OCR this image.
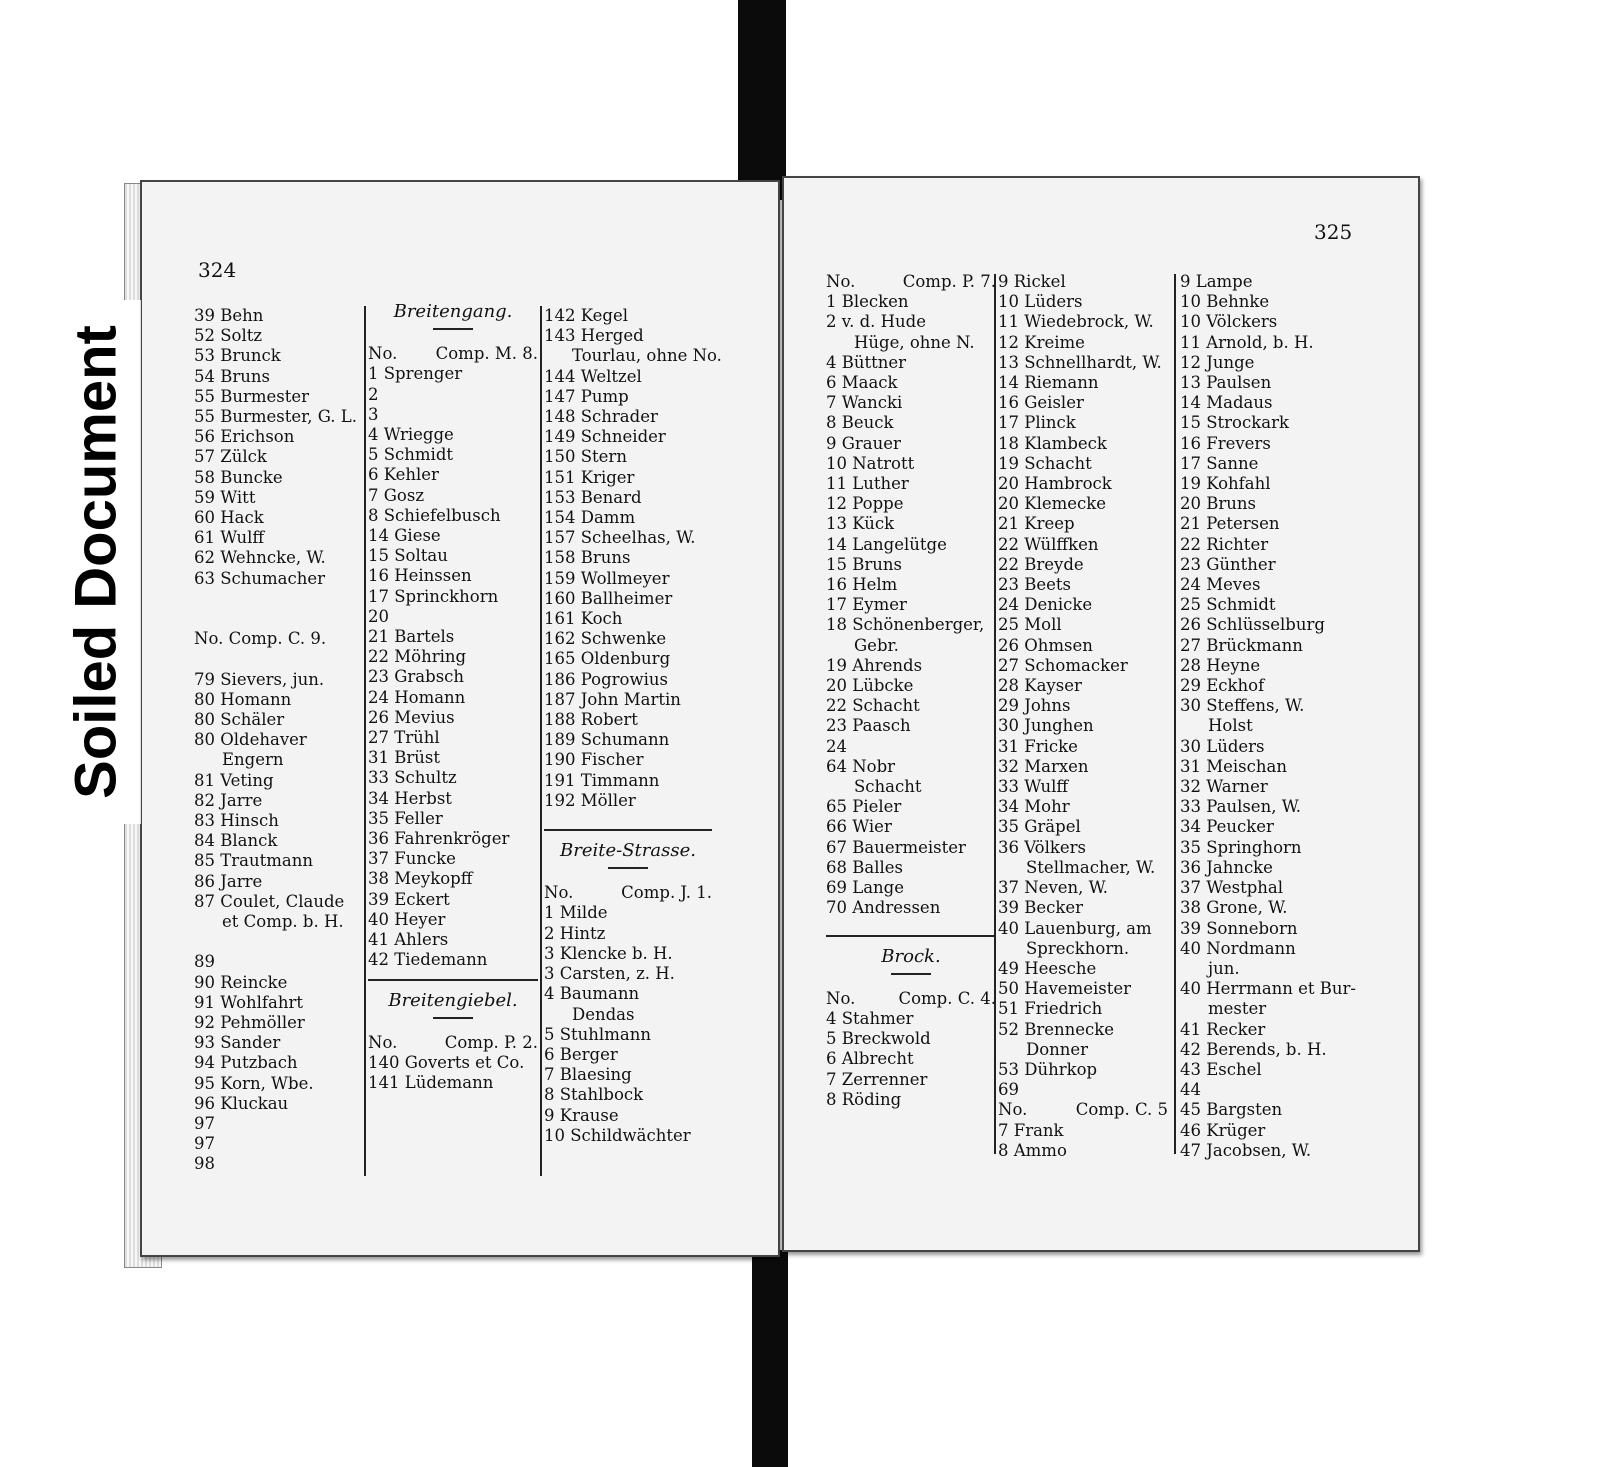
324
39 Behn
52 Soltz
53 Brunck
54 Bruns
55 Burmester
55 Burmester, G. L.
56 Erichson
57 Zülck
58 Buncke
59 Witt
60 Hack
61 Wulff
62 Wehncke, W.
63 Schumacher
No. Comp. C. 9.
79 Sievers, jun.
80 Homann
80 Schäler
80 Oldehaver
Engern
81 Veting
82 Jarre
83 Hinsch
84 Blanck
85 Trautmann
86 Jarre
87 Coulet, Claude
et Comp. b. H.
89
90 Reincke
91 Wohlfahrt
92 Pehmöller
93 Sander
94 Putzbach
95 Korn, Wbe.
96 Kluckau
97
97
98
Breitengang.
No. Comp. M. 8.
1 Sprenger
2
3
4 Wriegge
5 Schmidt
6 Kehler
7 Gosz
8 Schiefelbusch
14 Giese
15 Soltau
16 Heinssen
17 Sprinckhorn
20
21 Bartels
22 Möhring
23 Grabsch
24 Homann
26 Mevius
27 Trühl
31 Brüst
33 Schultz
34 Herbst
35 Feller
36 Fahrenkröger
37 Funcke
38 Meykopff
39 Eckert
40 Heyer
41 Ahlers
42 Tiedemann
Breitengiebel.
No.	Comp. P. 2.
140 Goverts et Co.
141 Lüdemann
142 Kegel
143 Herged
Tourlau, ohne No.
144 Weltzel
147 Pump
148 Schrader
149 Schneider
150 Stern
151 Kriger
153 Benard
154 Damm
157 Scheelhas, W.
158 Bruns
159 Wollmeyer
160 Ballheimer
161 Koch
162 Schwenke
165 Oldenburg
186 Pogrowius
187 John Martin
188 Robert
189 Schumann
190 Fischer
191 Timmann
192 Möller
Breite-Strasse.
No.	Comp. J. 1.
1 Milde
2 Hintz
3 Klencke b. H.
3 Carsten, z. H.
4 Baumann
Dendas
5 Stuhlmann
6 Berger
7 Blaesing
8 Stahlbock
9 Krause
10 Schildwächter
325
No.	Comp. P. 7.
1 Blecken
2 v. d. Hude
Hüge, ohne N.
4 Büttner
6 Maack
7 Wancki
8 Beuck
9 Grauer
10 Natrott
11 Luther
12 Poppe
13 Kück
14 Langelütge
15 Bruns
16 Helm
17 Eymer
18 Schönenberger,
Gebr.
19 Ahrends
20 Lübcke
22 Schacht
23 Paasch
24
64 Nobr
Schacht
65 Pieler
66 Wier
67 Bauermeister
68 Balles
69 Lange
70 Andressen
Brock.
No.	Comp. C. 4.
4 Stahmer
5 Breckwold
6 Albrecht
7 Zerrenner
8 Röding
9 Rickel
10 Lüders
11 Wiedebrock, W.
12 Kreime
13 Schnellhardt, W.
14 Riemann
16 Geisler
17 Plinck
18 Klambeck
19 Schacht
20 Hambrock
20 Klemecke
21 Kreep
22 Wülffken
22 Breyde
23 Beets
24 Denicke
25 Moll
26 Ohmsen
27 Schomacker
28 Kayser
29 Johns
30 Junghen
31 Fricke
32 Marxen
33 Wulff
34 Mohr
35 Gräpel
36 Völkers
Stellmacher, W.
37 Neven, W.
39 Becker
40 Lauenburg, am
Spreckhorn.
49 Heesche
50 Havemeister
51 Friedrich
52 Brennecke
Donner
53 Dührkop
69
No.	Comp. C. 5
7 Frank
8 Ammo
9 Lampe
10 Behnke
10 Völckers
11 Arnold, b. H.
12 Junge
13 Paulsen
14 Madaus
15 Strockark
16 Frevers
17 Sanne
19 Kohfahl
20 Bruns
21 Petersen
22 Richter
23 Günther
24 Meves
25 Schmidt
26 Schlüsselburg
27 Brückmann
28 Heyne
29 Eckhof
30 Steffens, W.
Holst
30 Lüders
31 Meischan
32 Warner
33 Paulsen, W.
34 Peucker
35 Springhorn
36 Jahncke
37 Westphal
38 Grone, W.
39 Sonneborn
40 Nordmann
jun.
40 Herrmann et Bur-
mester
41 Recker
42 Berends, b. H.
43 Eschel
44
45 Bargsten
46 Krüger
47 Jacobsen, W.
Soiled Document
